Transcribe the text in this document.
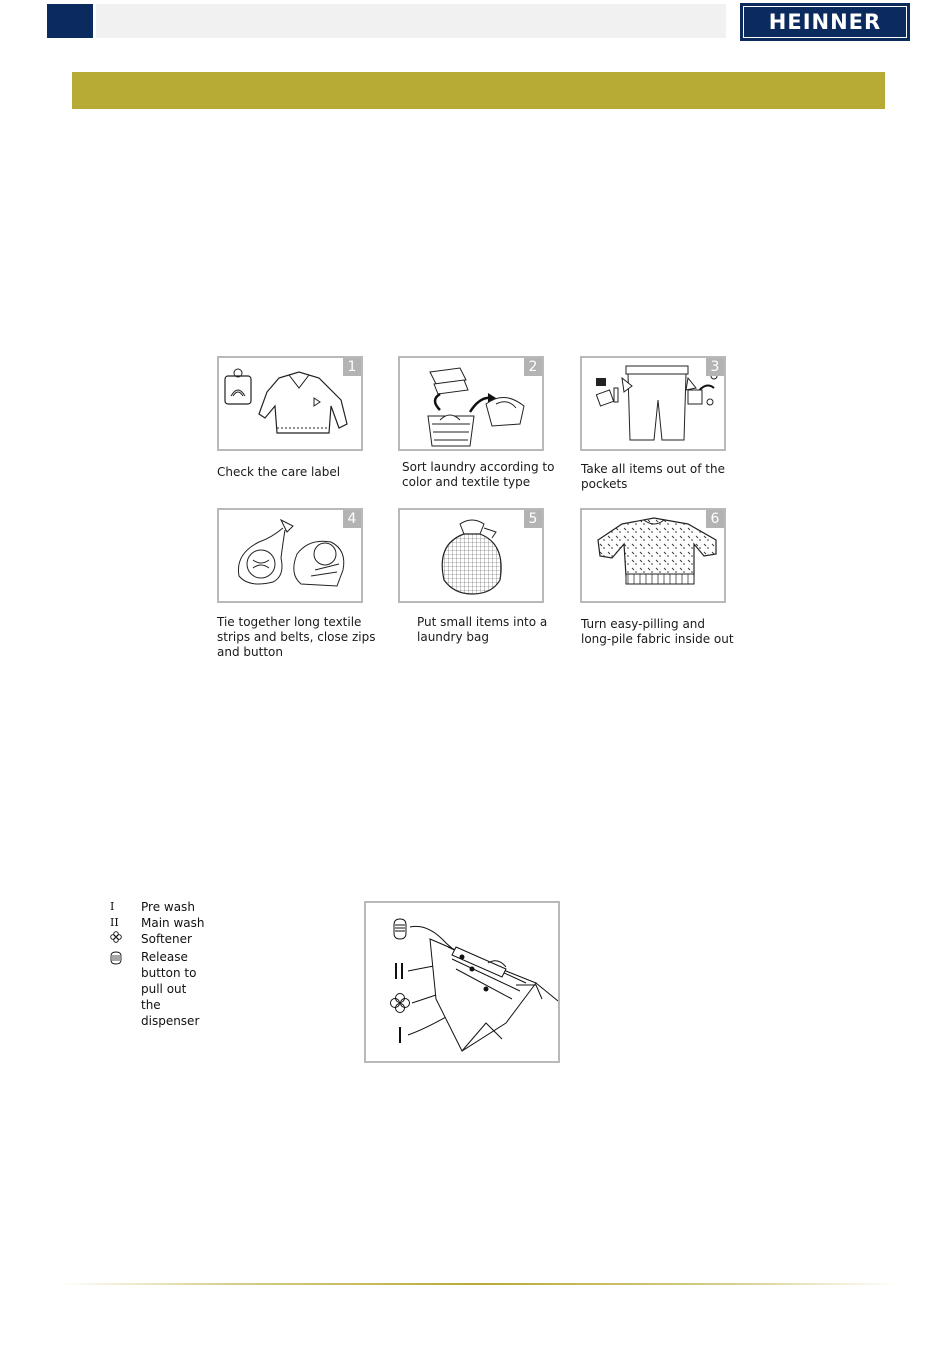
HEINNER
1
Check the care label
2
Sort laundry according to
color and textile type
3
Take all items out of the
pockets
4
Tie together long textile
strips and belts, close zips
and button
5
Put small items into a
laundry bag
6
Turn easy-pilling and
long-pile fabric inside out
I	Pre wash
II	Main wash
Softener
Release button to
pull out the dispenser
